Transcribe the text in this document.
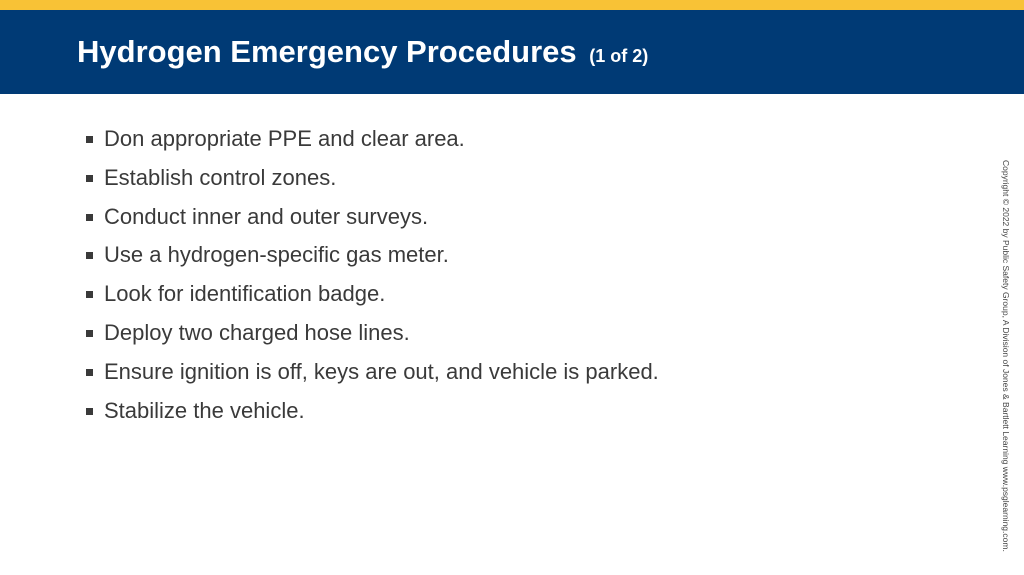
Hydrogen Emergency Procedures (1 of 2)
Don appropriate PPE and clear area.
Establish control zones.
Conduct inner and outer surveys.
Use a hydrogen-specific gas meter.
Look for identification badge.
Deploy two charged hose lines.
Ensure ignition is off, keys are out, and vehicle is parked.
Stabilize the vehicle.	Copyright © 2022 by Public Safety Group, A Division of Jones & Bartlett Learning www.psglearning.com.
